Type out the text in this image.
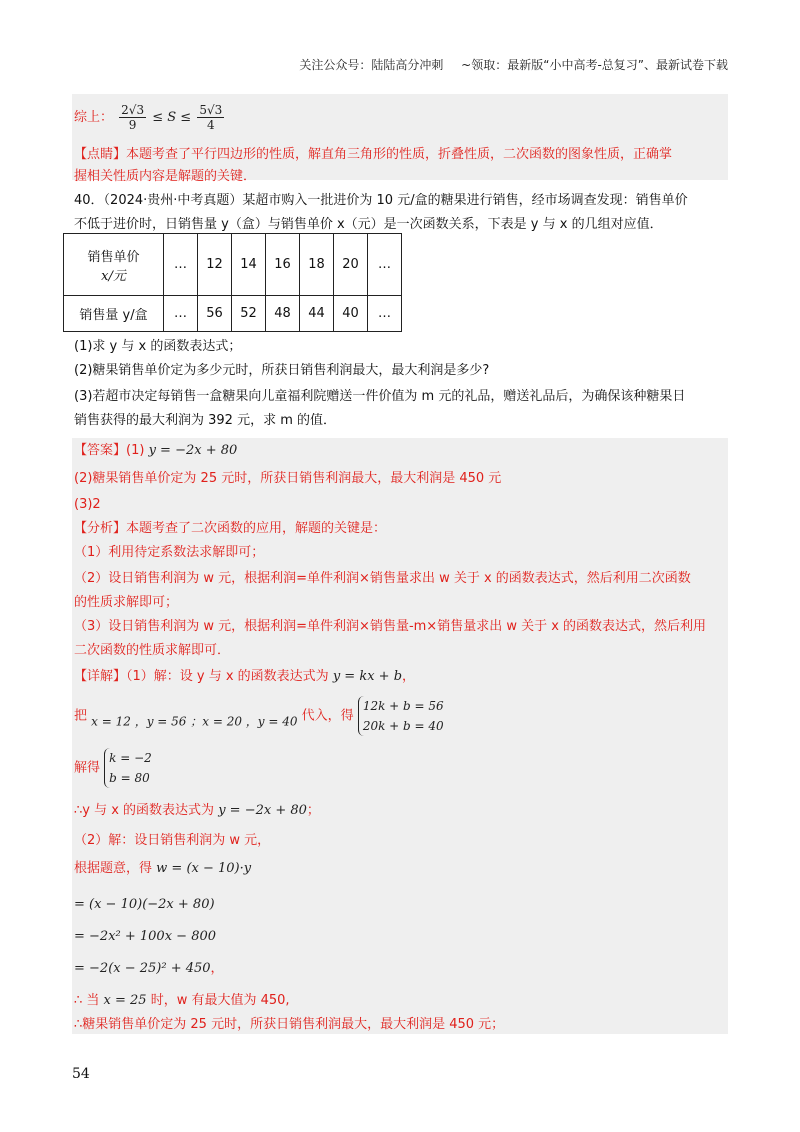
关注公众号：陆陆高分冲刺 ~领取：最新版“小中高考-总复习”、最新试卷下载
综上： $\frac{2√3}{9} \le S \le \frac{5√3}{4}$
【点睛】本题考查了平行四边形的性质，解直角三角形的性质，折叠性质，二次函数的图象性质，正确掌
握相关性质内容是解题的关键．
40．（2024·贵州·中考真题）某超市购入一批进价为 10 元/盒的糖果进行销售，经市场调查发现：销售单价
不低于进价时，日销售量 y（盒）与销售单价 x（元）是一次函数关系，下表是 y 与 x 的几组对应值．
销售单价
x/元	…	12	14	16	18	20	…
销售量 y/盒	…	56	52	48	44	40	…
(1)求 y 与 x 的函数表达式；
(2)糖果销售单价定为多少元时，所获日销售利润最大，最大利润是多少?
(3)若超市决定每销售一盒糖果向儿童福利院赠送一件价值为 m 元的礼品，赠送礼品后，为确保该种糖果日
销售获得的最大利润为 392 元，求 m 的值．
【答案】(1) y = −2x + 80
(2)糖果销售单价定为 25 元时，所获日销售利润最大，最大利润是 450 元
(3)2
【分析】本题考查了二次函数的应用，解题的关键是：
（1）利用待定系数法求解即可；
（2）设日销售利润为 w 元，根据利润=单件利润×销售量求出 w 关于 x 的函数表达式，然后利用二次函数
的性质求解即可；
（3）设日销售利润为 w 元，根据利润=单件利润×销售量-m×销售量求出 w 关于 x 的函数表达式，然后利用
二次函数的性质求解即可．
【详解】（1）解：设 y 与 x 的函数表达式为 y = kx + b，
把 x = 12 ，y = 56 ；x = 20 ，y = 40 代入，得
12k + b = 56
20k + b = 40
解得
k = −2
b = 80
∴y 与 x 的函数表达式为 y = −2x + 80；
（2）解：设日销售利润为 w 元，
根据题意，得 w = (x − 10)·y
= (x − 10)(−2x + 80)
= −2x² + 100x − 800
= −2(x − 25)² + 450，
∴ 当 x = 25 时，w 有最大值为 450,
∴糖果销售单价定为 25 元时，所获日销售利润最大，最大利润是 450 元；
54
